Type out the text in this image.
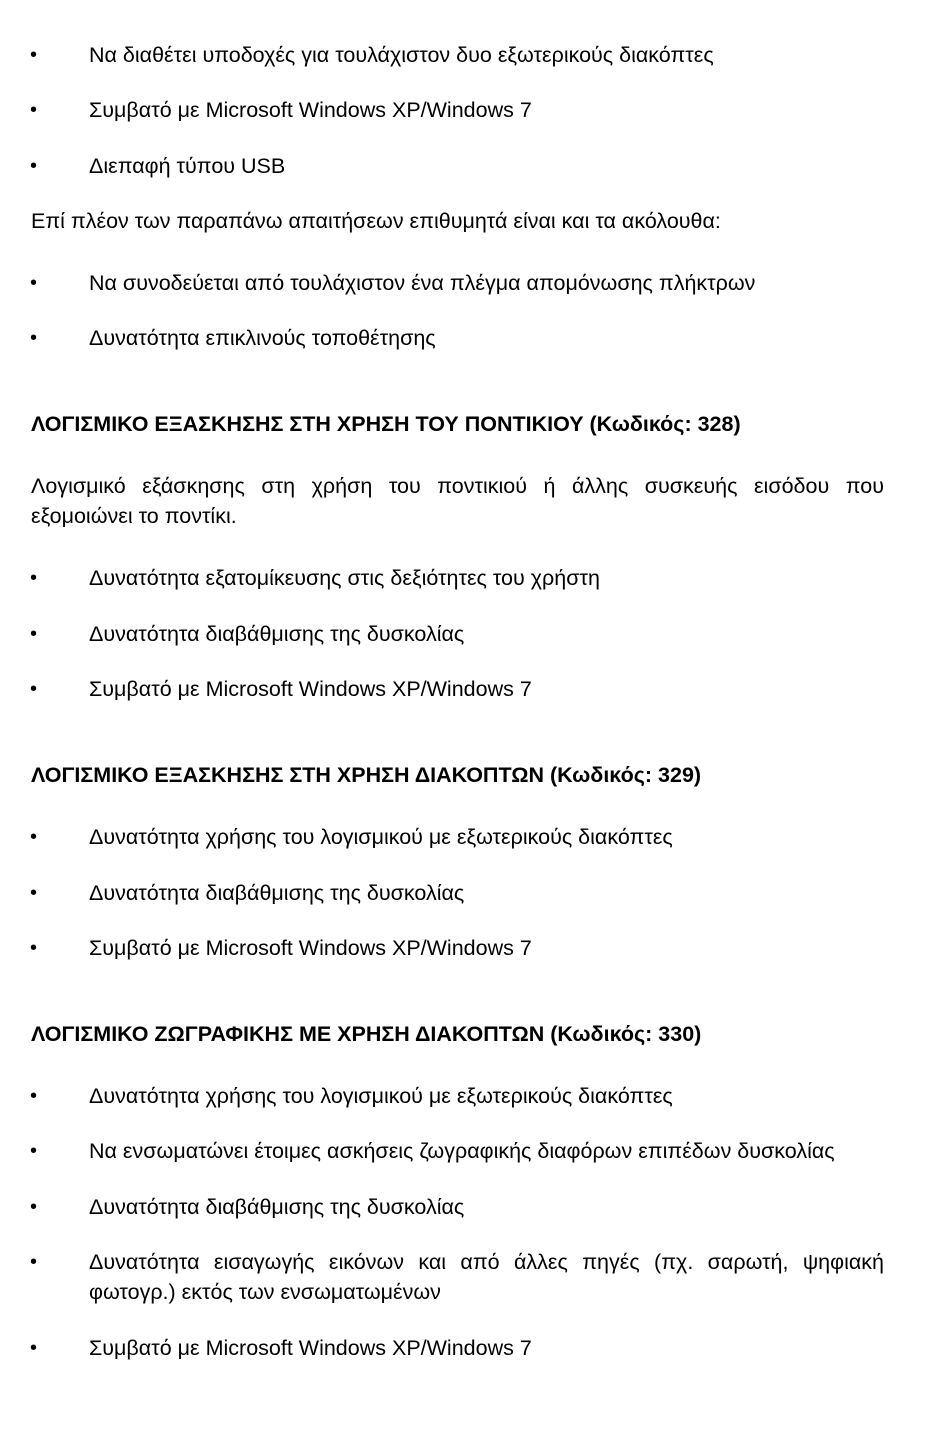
• Να διαθέτει υποδοχές για τουλάχιστον δυο εξωτερικούς διακόπτες
• Συμβατό με Microsoft Windows XP/Windows 7
• Διεπαφή τύπου USB
Επί πλέον των παραπάνω απαιτήσεων επιθυμητά είναι και τα ακόλουθα:
• Να συνοδεύεται από τουλάχιστον ένα πλέγμα απομόνωσης πλήκτρων
• Δυνατότητα επικλινούς τοποθέτησης
ΛΟΓΙΣΜΙΚΟ ΕΞΑΣΚΗΣΗΣ ΣΤΗ ΧΡΗΣΗ ΤΟΥ ΠΟΝΤΙΚΙΟΥ (Κωδικός: 328)
Λογισμικό εξάσκησης στη χρήση του ποντικιού ή άλλης συσκευής εισόδου που εξομοιώνει το ποντίκι.
• Δυνατότητα εξατομίκευσης στις δεξιότητες του χρήστη
• Δυνατότητα διαβάθμισης της δυσκολίας
• Συμβατό με Microsoft Windows XP/Windows 7
ΛΟΓΙΣΜΙΚΟ ΕΞΑΣΚΗΣΗΣ ΣΤΗ ΧΡΗΣΗ ΔΙΑΚΟΠΤΩΝ (Κωδικός: 329)
• Δυνατότητα χρήσης του λογισμικού με εξωτερικούς διακόπτες
• Δυνατότητα διαβάθμισης της δυσκολίας
• Συμβατό με Microsoft Windows XP/Windows 7
ΛΟΓΙΣΜΙΚΟ ΖΩΓΡΑΦΙΚΗΣ ΜΕ ΧΡΗΣΗ ΔΙΑΚΟΠΤΩΝ (Κωδικός: 330)
• Δυνατότητα χρήσης του λογισμικού με εξωτερικούς διακόπτες
• Να ενσωματώνει έτοιμες ασκήσεις ζωγραφικής διαφόρων επιπέδων δυσκολίας
• Δυνατότητα διαβάθμισης της δυσκολίας
• Δυνατότητα εισαγωγής εικόνων και από άλλες πηγές (πχ. σαρωτή, ψηφιακή φωτογρ.) εκτός των ενσωματωμένων
• Συμβατό με Microsoft Windows XP/Windows 7
